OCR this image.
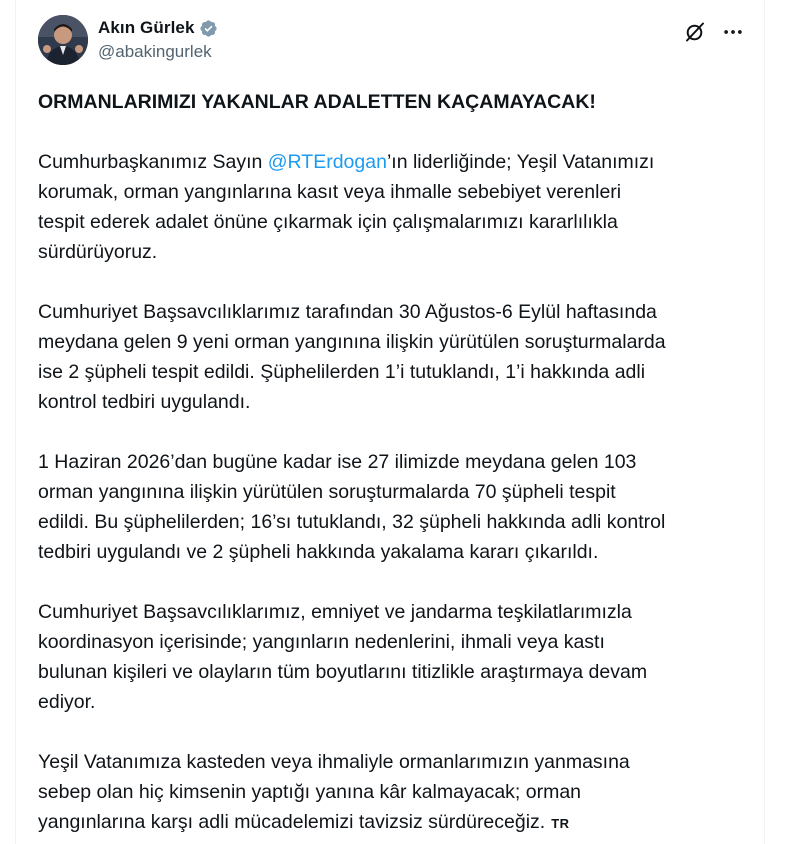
Akın Gürlek
@abakingurlek

ORMANLARIMIZI YAKANLAR ADALETTEN KAÇAMAYACAK!

Cumhurbaşkanımız Sayın @RTErdogan’ın liderliğinde; Yeşil Vatanımızı
korumak, orman yangınlarına kasıt veya ihmalle sebebiyet verenleri
tespit ederek adalet önüne çıkarmak için çalışmalarımızı kararlılıkla
sürdürüyoruz.

Cumhuriyet Başsavcılıklarımız tarafından 30 Ağustos-6 Eylül haftasında
meydana gelen 9 yeni orman yangınına ilişkin yürütülen soruşturmalarda
ise 2 şüpheli tespit edildi. Şüphelilerden 1’i tutuklandı, 1’i hakkında adli
kontrol tedbiri uygulandı.

1 Haziran 2026’dan bugüne kadar ise 27 ilimizde meydana gelen 103
orman yangınına ilişkin yürütülen soruşturmalarda 70 şüpheli tespit
edildi. Bu şüphelilerden; 16’sı tutuklandı, 32 şüpheli hakkında adli kontrol
tedbiri uygulandı ve 2 şüpheli hakkında yakalama kararı çıkarıldı.

Cumhuriyet Başsavcılıklarımız, emniyet ve jandarma teşkilatlarımızla
koordinasyon içerisinde; yangınların nedenlerini, ihmali veya kastı
bulunan kişileri ve olayların tüm boyutlarını titizlikle araştırmaya devam
ediyor.

Yeşil Vatanımıza kasteden veya ihmaliyle ormanlarımızın yanmasına
sebep olan hiç kimsenin yaptığı yanına kâr kalmayacak; orman
yangınlarına karşı adli mücadelemizi tavizsiz sürdüreceğiz. TR
